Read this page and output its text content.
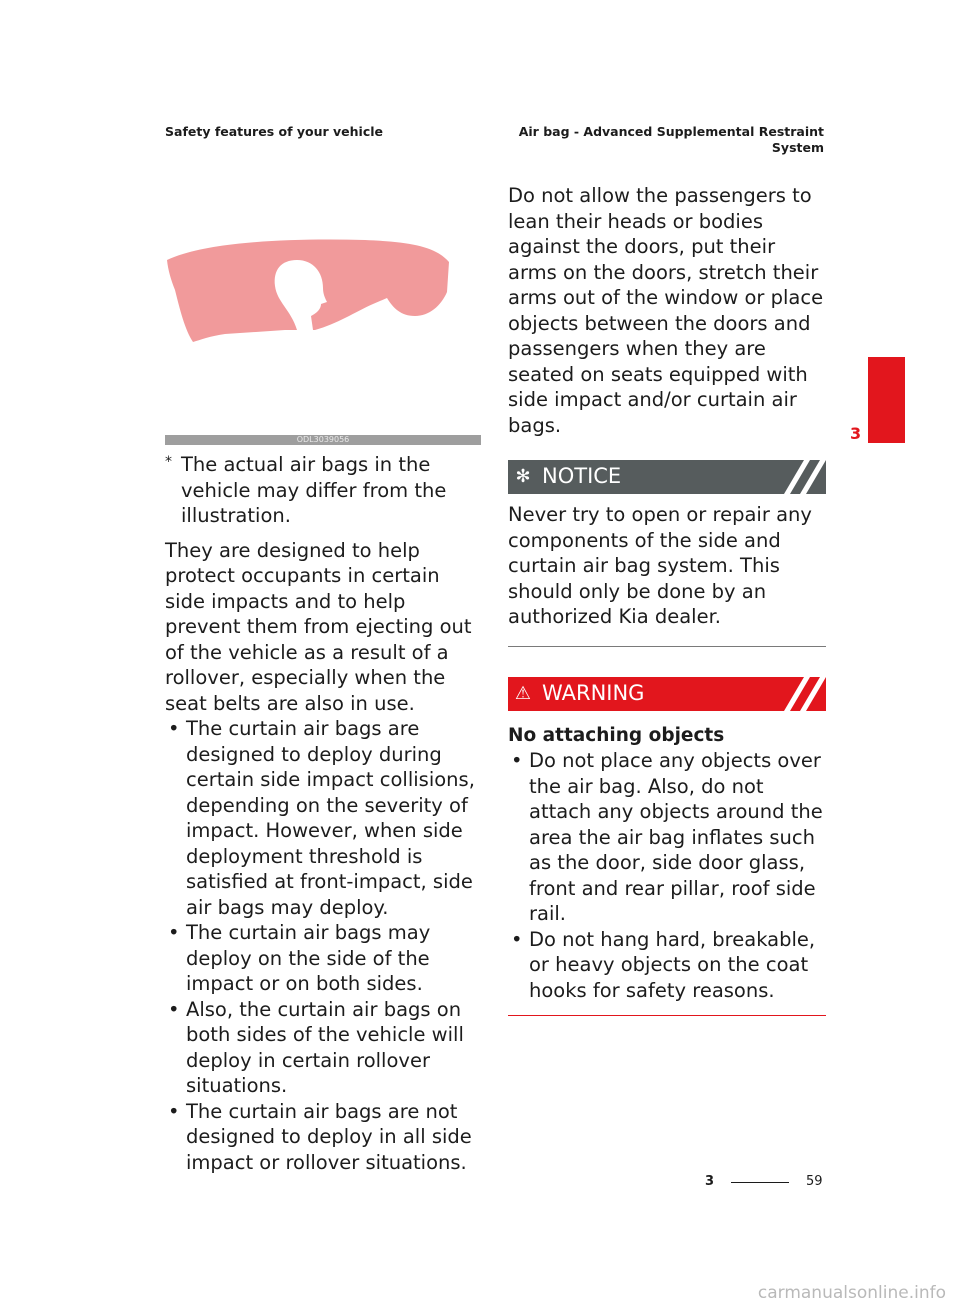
Safety features of your vehicle	Air bag - Advanced Supplemental Restraint
System
ODL3039056
* The actual air bags in the vehicle may differ from the illustration.

They are designed to help protect occupants in certain side impacts and to help prevent them from ejecting out of the vehicle as a result of a rollover, especially when the seat belts are also in use.

• The curtain air bags are designed to deploy during certain side impact collisions, depending on the severity of impact. However, when side deployment threshold is satisfied at front-impact, side air bags may deploy.
• The curtain air bags may deploy on the side of the impact or on both sides.
• Also, the curtain air bags on both sides of the vehicle will deploy in certain rollover situations.
• The curtain air bags are not designed to deploy in all side impact or rollover situations.

Do not allow the passengers to lean their heads or bodies against the doors, put their arms on the doors, stretch their arms out of the window or place objects between the doors and passengers when they are seated on seats equipped with side impact and/or curtain air bags.

✻ NOTICE

Never try to open or repair any components of the side and curtain air bag system. This should only be done by an authorized Kia dealer.

⚠ WARNING
No attaching objects
• Do not place any objects over the air bag. Also, do not attach any objects around the area the air bag inflates such as the door, side door glass, front and rear pillar, roof side rail.
• Do not hang hard, breakable, or heavy objects on the coat hooks for safety reasons.
3
3	59
carmanualsonline.info
